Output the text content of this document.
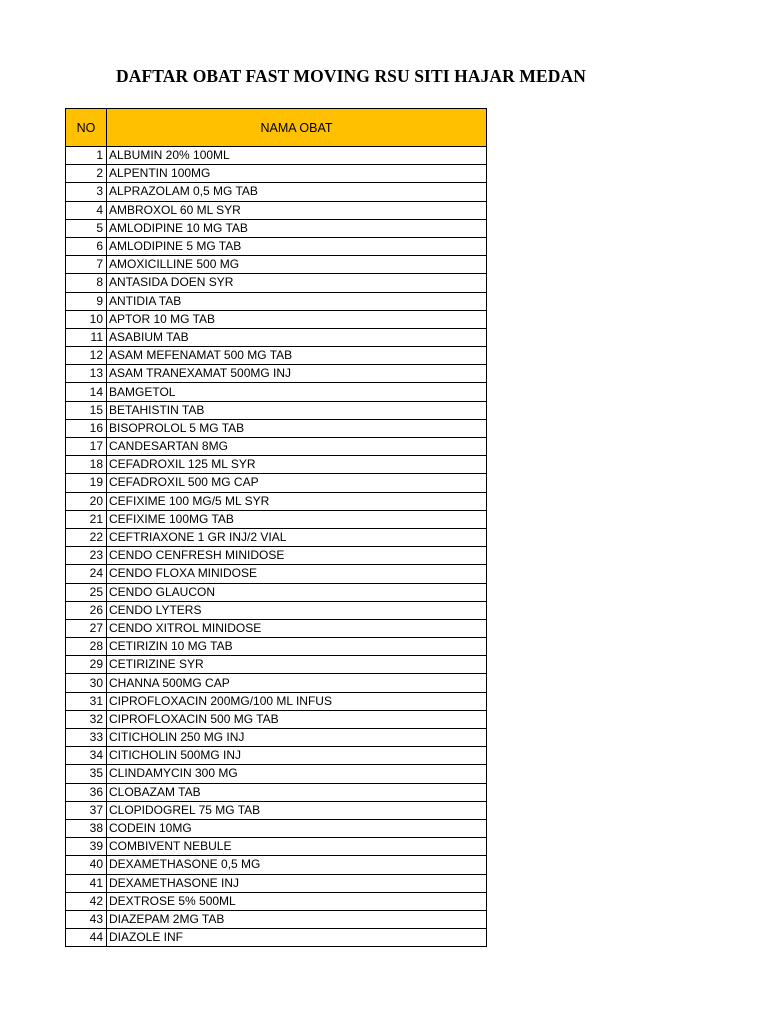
DAFTAR OBAT FAST MOVING RSU SITI HAJAR MEDAN
NO	NAMA OBAT
1	ALBUMIN 20% 100ML
2	ALPENTIN 100MG
3	ALPRAZOLAM 0,5 MG TAB
4	AMBROXOL 60 ML SYR
5	AMLODIPINE 10 MG TAB
6	AMLODIPINE 5 MG TAB
7	AMOXICILLINE 500 MG
8	ANTASIDA DOEN SYR
9	ANTIDIA TAB
10	APTOR 10 MG TAB
11	ASABIUM TAB
12	ASAM MEFENAMAT 500 MG TAB
13	ASAM TRANEXAMAT 500MG INJ
14	BAMGETOL
15	BETAHISTIN TAB
16	BISOPROLOL 5 MG TAB
17	CANDESARTAN 8MG
18	CEFADROXIL 125 ML SYR
19	CEFADROXIL 500 MG CAP
20	CEFIXIME 100 MG/5 ML SYR
21	CEFIXIME 100MG TAB
22	CEFTRIAXONE 1 GR INJ/2 VIAL
23	CENDO CENFRESH MINIDOSE
24	CENDO FLOXA MINIDOSE
25	CENDO GLAUCON
26	CENDO LYTERS
27	CENDO XITROL MINIDOSE
28	CETIRIZIN 10 MG TAB
29	CETIRIZINE SYR
30	CHANNA 500MG CAP
31	CIPROFLOXACIN 200MG/100 ML INFUS
32	CIPROFLOXACIN 500 MG TAB
33	CITICHOLIN 250 MG INJ
34	CITICHOLIN 500MG INJ
35	CLINDAMYCIN 300 MG
36	CLOBAZAM TAB
37	CLOPIDOGREL 75 MG TAB
38	CODEIN 10MG
39	COMBIVENT NEBULE
40	DEXAMETHASONE 0,5 MG
41	DEXAMETHASONE INJ
42	DEXTROSE 5% 500ML
43	DIAZEPAM 2MG TAB
44	DIAZOLE INF
